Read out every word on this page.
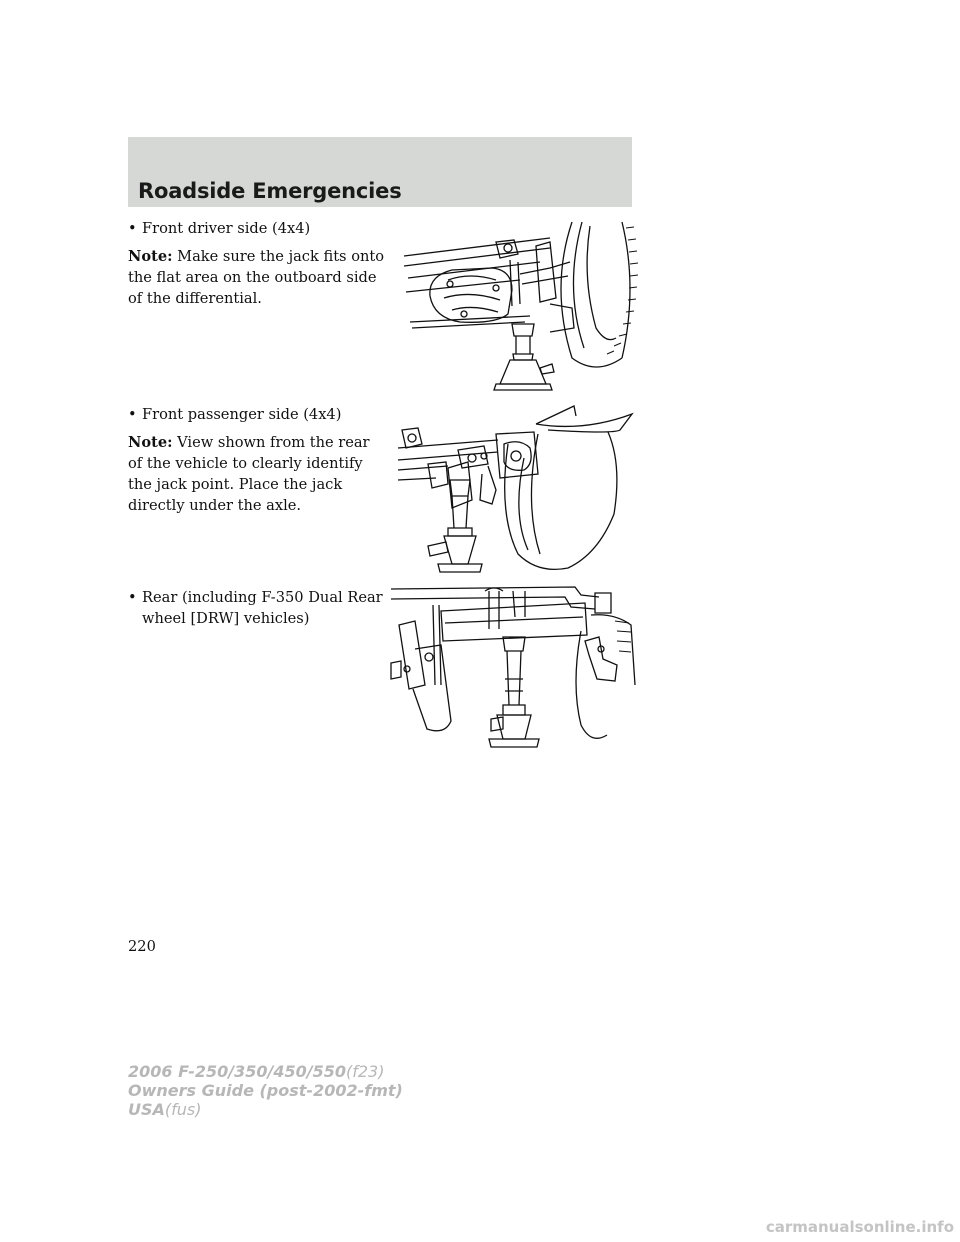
Roadside Emergencies
• Front driver side (4x4)
Note: Make sure the jack fits onto the flat area on the outboard side of the differential.
• Front passenger side (4x4)
Note: View shown from the rear of the vehicle to clearly identify the jack point. Place the jack directly under the axle.
• Rear (including F-350 Dual Rear wheel [DRW] vehicles)
220
2006 F-250/350/450/550(f23)
Owners Guide (post-2002-fmt)
USA(fus)
carmanualsonline.info
